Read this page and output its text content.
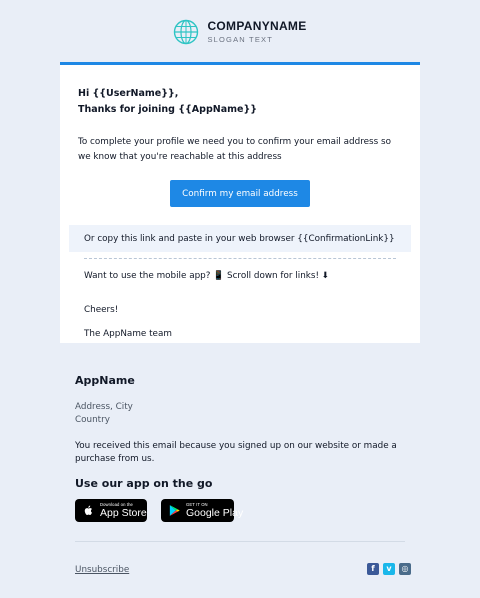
COMPANYNAME
SLOGAN TEXT
Hi {{UserName}},
Thanks for joining {{AppName}}
To complete your profile we need you to confirm your email address so we know that you're reachable at this address
Confirm my email address
Or copy this link and paste in your web browser {{ConfirmationLink}}
Want to use the mobile app? 📱 Scroll down for links! ⬇
Cheers!
The AppName team
AppName
Address, City
Country
You received this email because you signed up on our website or made a purchase from us.
Use our app on the go
Download on the
App Store
GET IT ON
Google Play
Unsubscribe	f v ◎
